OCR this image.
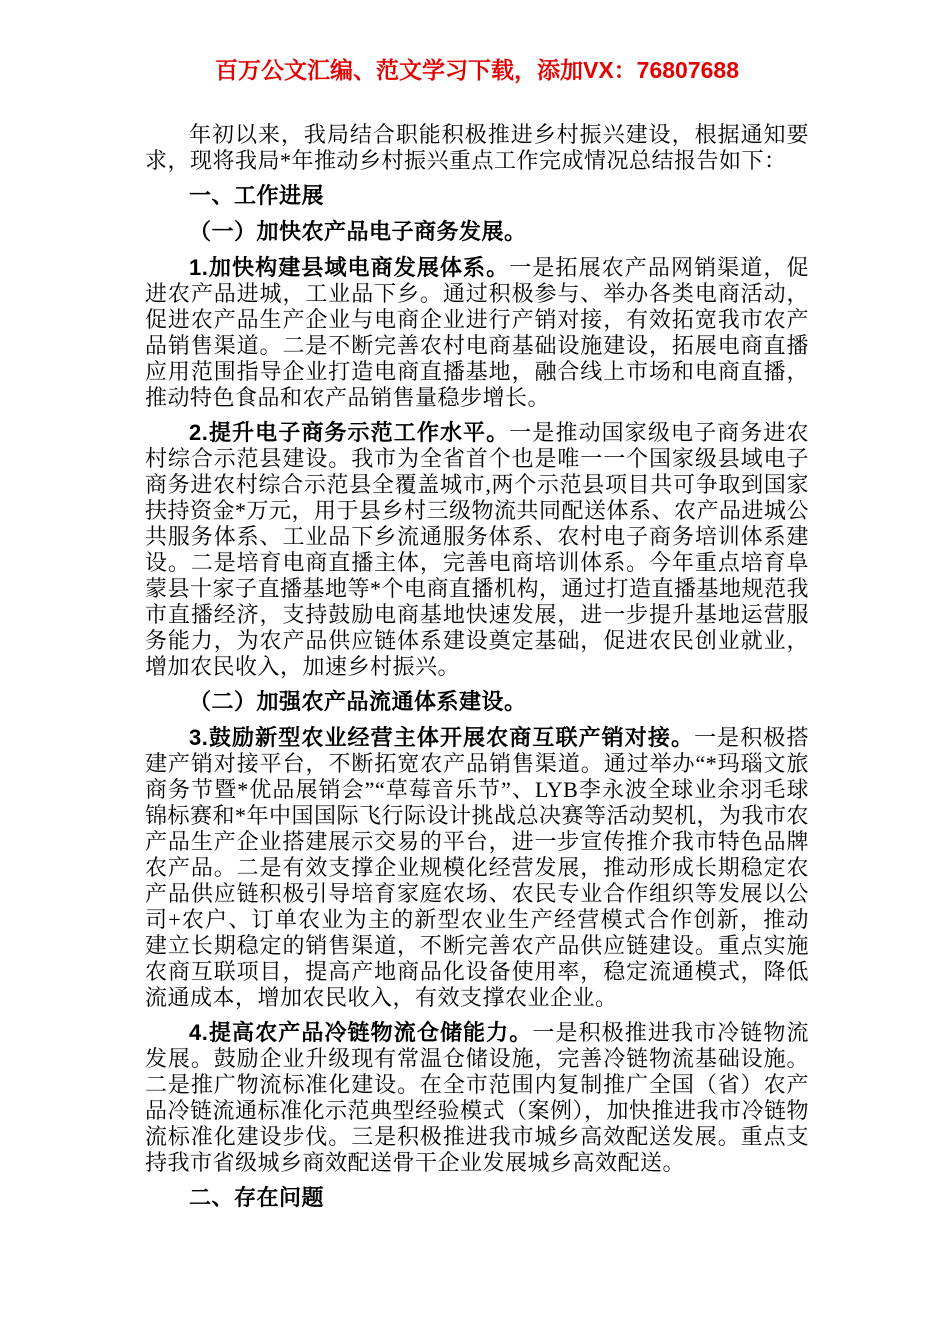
百万公文汇编、范文学习下载，添加VX：76807688

年初以来，我局结合职能积极推进乡村振兴建设，根据通知要求，现将我局*年推动乡村振兴重点工作完成情况总结报告如下：

一、工作进展
（一）加快农产品电子商务发展。

1.加快构建县域电商发展体系。一是拓展农产品网销渠道，促进农产品进城，工业品下乡。通过积极参与、举办各类电商活动，促进农产品生产企业与电商企业进行产销对接，有效拓宽我市农产品销售渠道。二是不断完善农村电商基础设施建设，拓展电商直播应用范围指导企业打造电商直播基地，融合线上市场和电商直播，推动特色食品和农产品销售量稳步增长。

2.提升电子商务示范工作水平。一是推动国家级电子商务进农村综合示范县建设。我市为全省首个也是唯一一个国家级县域电子商务进农村综合示范县全覆盖城市,两个示范县项目共可争取到国家扶持资金*万元，用于县乡村三级物流共同配送体系、农产品进城公共服务体系、工业品下乡流通服务体系、农村电子商务培训体系建设。二是培育电商直播主体，完善电商培训体系。今年重点培育阜蒙县十家子直播基地等*个电商直播机构，通过打造直播基地规范我市直播经济，支持鼓励电商基地快速发展，进一步提升基地运营服务能力，为农产品供应链体系建设奠定基础，促进农民创业就业，增加农民收入，加速乡村振兴。

（二）加强农产品流通体系建设。

3.鼓励新型农业经营主体开展农商互联产销对接。一是积极搭建产销对接平台，不断拓宽农产品销售渠道。通过举办“*玛瑙文旅商务节暨*优品展销会”“草莓音乐节”、LYB李永波全球业余羽毛球锦标赛和*年中国国际飞行际设计挑战总决赛等活动契机，为我市农产品生产企业搭建展示交易的平台，进一步宣传推介我市特色品牌农产品。二是有效支撑企业规模化经营发展，推动形成长期稳定农产品供应链积极引导培育家庭农场、农民专业合作组织等发展以公司+农户、订单农业为主的新型农业生产经营模式合作创新，推动建立长期稳定的销售渠道，不断完善农产品供应链建设。重点实施农商互联项目，提高产地商品化设备使用率，稳定流通模式，降低流通成本，增加农民收入，有效支撑农业企业。

4.提高农产品冷链物流仓储能力。一是积极推进我市冷链物流发展。鼓励企业升级现有常温仓储设施，完善冷链物流基础设施。二是推广物流标准化建设。在全市范围内复制推广全国（省）农产品冷链流通标准化示范典型经验模式（案例），加快推进我市冷链物流标准化建设步伐。三是积极推进我市城乡高效配送发展。重点支持我市省级城乡商效配送骨干企业发展城乡高效配送。

二、存在问题
